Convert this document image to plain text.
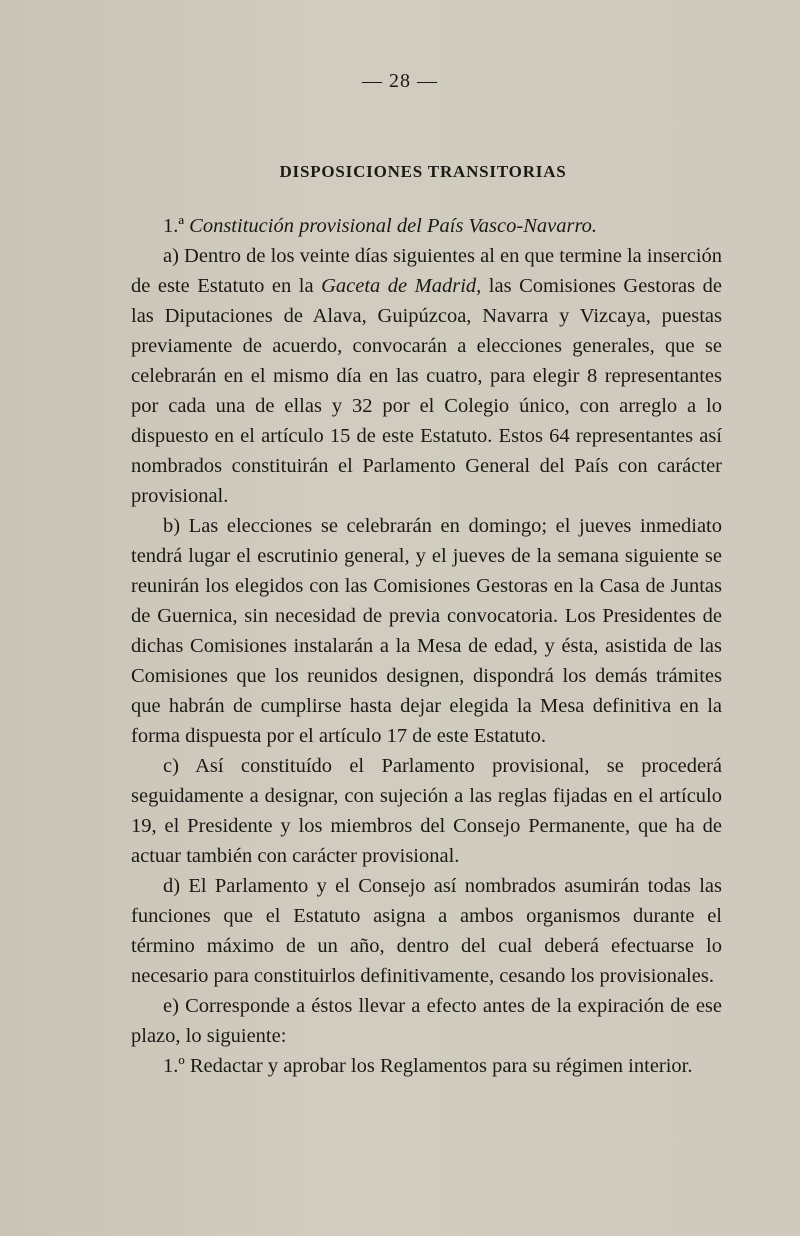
— 28 —
DISPOSICIONES TRANSITORIAS

1.ª Constitución provisional del País Vasco-Navarro.

a) Dentro de los veinte días siguientes al en que termine la inserción de este Estatuto en la Gaceta de Madrid, las Comisiones Gestoras de las Diputaciones de Alava, Guipúzcoa, Navarra y Vizcaya, puestas previamente de acuerdo, convocarán a elecciones generales, que se celebrarán en el mismo día en las cuatro, para elegir 8 representantes por cada una de ellas y 32 por el Colegio único, con arreglo a lo dispuesto en el artículo 15 de este Estatuto. Estos 64 representantes así nombrados constituirán el Parlamento General del País con carácter provisional.

b) Las elecciones se celebrarán en domingo; el jueves inmediato tendrá lugar el escrutinio general, y el jueves de la semana siguiente se reunirán los elegidos con las Comisiones Gestoras en la Casa de Juntas de Guernica, sin necesidad de previa convocatoria. Los Presidentes de dichas Comisiones instalarán a la Mesa de edad, y ésta, asistida de las Comisiones que los reunidos designen, dispondrá los demás trámites que habrán de cumplirse hasta dejar elegida la Mesa definitiva en la forma dispuesta por el artículo 17 de este Estatuto.

c) Así constituído el Parlamento provisional, se procederá seguidamente a designar, con sujeción a las reglas fijadas en el artículo 19, el Presidente y los miembros del Consejo Permanente, que ha de actuar también con carácter provisional.

d) El Parlamento y el Consejo así nombrados asumirán todas las funciones que el Estatuto asigna a ambos organismos durante el término máximo de un año, dentro del cual deberá efectuarse lo necesario para constituirlos definitivamente, cesando los provisionales.

e) Corresponde a éstos llevar a efecto antes de la expiración de ese plazo, lo siguiente:

1.º Redactar y aprobar los Reglamentos para su régimen interior.
